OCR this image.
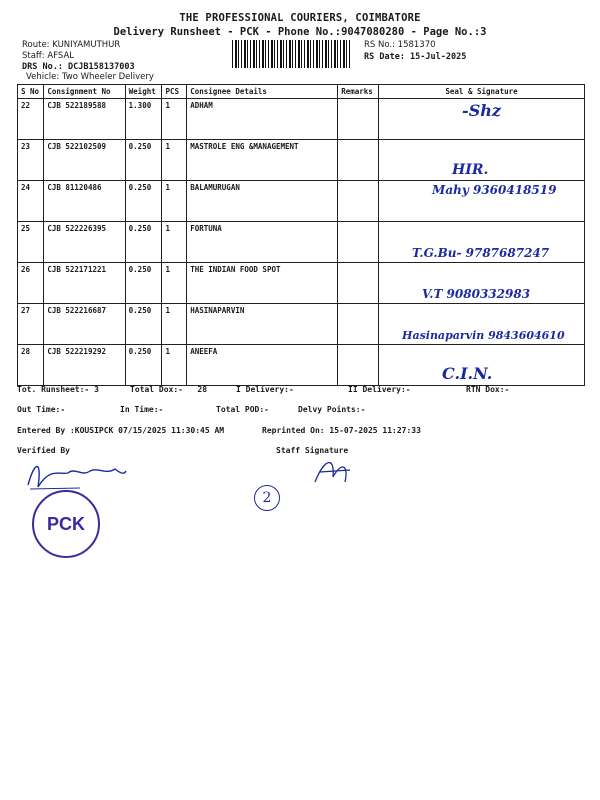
THE PROFESSIONAL COURIERS, COIMBATORE
Delivery Runsheet - PCK - Phone No.:9047080280 - Page No.:3
Route: KUNIYAMUTHUR
Staff: AFSAL
DRS No.: DCJB158137003
Vehicle: Two Wheeler Delivery
RS No.: 1581370
RS Date: 15-Jul-2025
S No	Consignment No	Weight	PCS	Consignee Details	Remarks	Seal & Signature
22	CJB 522189588	1.300	1	ADHAM		-Shz
23	CJB 522102509	0.250	1	MASTROLE ENG &MANAGEMENT		HIR.
24	CJB 81120486	0.250	1	BALAMURUGAN		Mahy 9360418519
25	CJB 522226395	0.250	1	FORTUNA		T.G.Bu- 9787687247
26	CJB 522171221	0.250	1	THE INDIAN FOOD SPOT		V.T 9080332983
27	CJB 522216687	0.250	1	HASINAPARVIN		Hasinaparvin 9843604610
28	CJB 522219292	0.250	1	ANEEFA		C.I.N.
Tot. Runsheet:- 3	Total Dox:-   28	I Delivery:-	II Delivery:-	RTN Dox:-
Out Time:-	In Time:-	Total POD:-	Delvy Points:-
Entered By :KOUSIPCK 07/15/2025 11:30:45 AM	Reprinted On: 15-07-2025 11:27:33
Verified By	Staff Signature
PCK
2
